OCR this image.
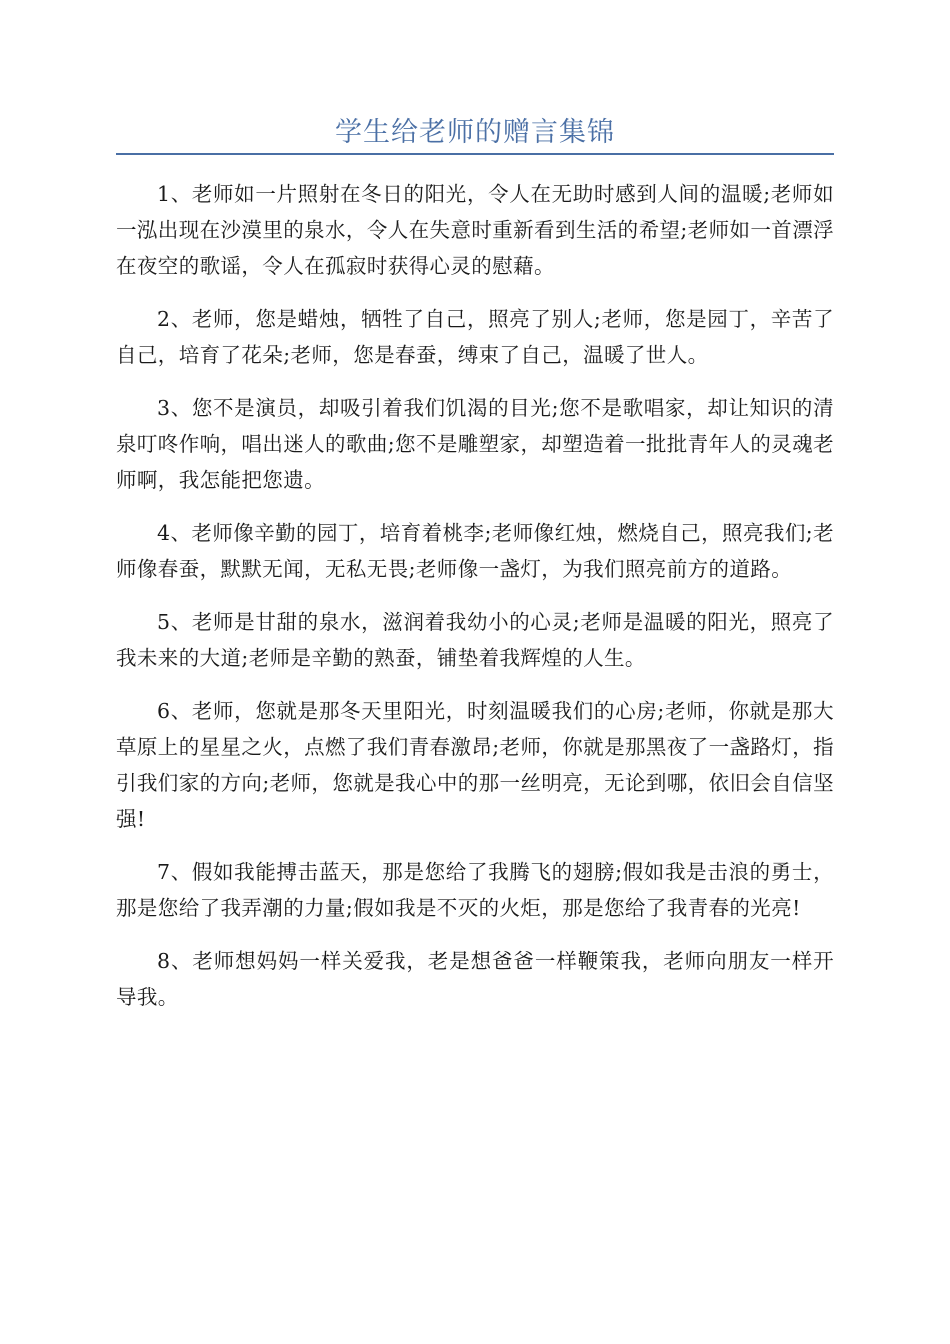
学生给老师的赠言集锦

1、老师如一片照射在冬日的阳光，令人在无助时感到人间的温暖;老师如一泓出现在沙漠里的泉水，令人在失意时重新看到生活的希望;老师如一首漂浮在夜空的歌谣，令人在孤寂时获得心灵的慰藉。

2、老师，您是蜡烛，牺牲了自己，照亮了别人;老师，您是园丁，辛苦了自己，培育了花朵;老师，您是春蚕，缚束了自己，温暖了世人。

3、您不是演员，却吸引着我们饥渴的目光;您不是歌唱家，却让知识的清泉叮咚作响，唱出迷人的歌曲;您不是雕塑家，却塑造着一批批青年人的灵魂老师啊，我怎能把您遗。

4、老师像辛勤的园丁，培育着桃李;老师像红烛，燃烧自己，照亮我们;老师像春蚕，默默无闻，无私无畏;老师像一盏灯，为我们照亮前方的道路。

5、老师是甘甜的泉水，滋润着我幼小的心灵;老师是温暖的阳光，照亮了我未来的大道;老师是辛勤的熟蚕，铺垫着我辉煌的人生。

6、老师，您就是那冬天里阳光，时刻温暖我们的心房;老师，你就是那大草原上的星星之火，点燃了我们青春激昂;老师，你就是那黑夜了一盏路灯，指引我们家的方向;老师，您就是我心中的那一丝明亮，无论到哪，依旧会自信坚强!

7、假如我能搏击蓝天，那是您给了我腾飞的翅膀;假如我是击浪的勇士，那是您给了我弄潮的力量;假如我是不灭的火炬，那是您给了我青春的光亮!

8、老师想妈妈一样关爱我，老是想爸爸一样鞭策我，老师向朋友一样开导我。
